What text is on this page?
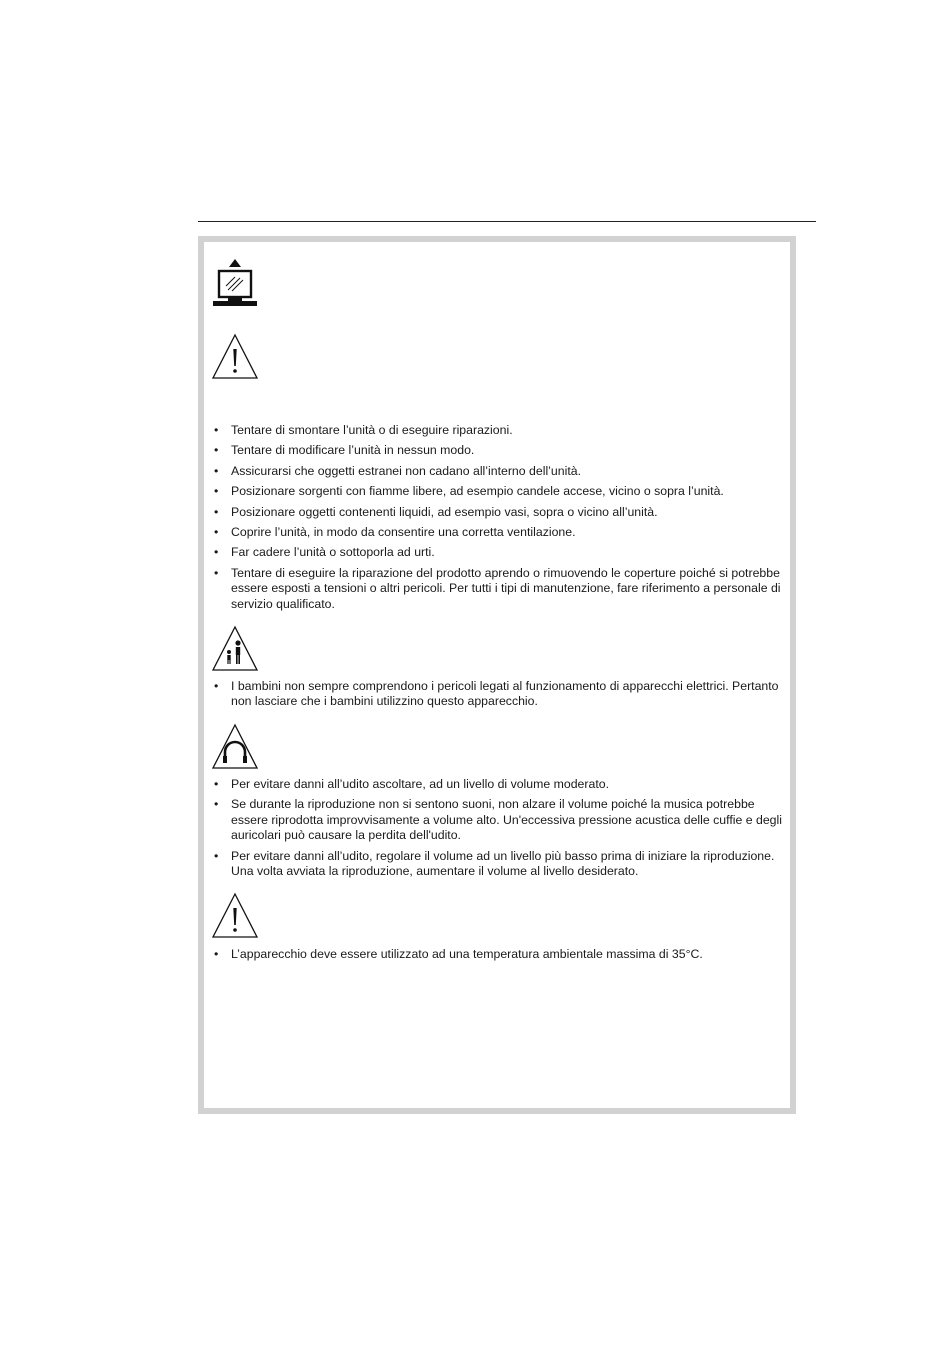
• Tentare di smontare l’unità o di eseguire riparazioni.
• Tentare di modificare l’unità in nessun modo.
• Assicurarsi che oggetti estranei non cadano all’interno dell’unità.
• Posizionare sorgenti con fiamme libere, ad esempio candele accese, vicino o sopra l’unità.
• Posizionare oggetti contenenti liquidi, ad esempio vasi, sopra o vicino all’unità.
• Coprire l’unità, in modo da consentire una corretta ventilazione.
• Far cadere l’unità o sottoporla ad urti.
• Tentare di eseguire la riparazione del prodotto aprendo o rimuovendo le coperture poiché si potrebbe essere esposti a tensioni o altri pericoli. Per tutti i tipi di manutenzione, fare riferimento a personale di servizio qualificato.
• I bambini non sempre comprendono i pericoli legati al funzionamento di apparecchi elettrici. Pertanto non lasciare che i bambini utilizzino questo apparecchio.
• Per evitare danni all’udito ascoltare, ad un livello di volume moderato.
• Se durante la riproduzione non si sentono suoni, non alzare il volume poiché la musica potrebbe essere riprodotta improvvisamente a volume alto. Un'eccessiva pressione acustica delle cuffie e degli auricolari può causare la perdita dell'udito.
• Per evitare danni all’udito, regolare il volume ad un livello più basso prima di iniziare la riproduzione. Una volta avviata la riproduzione, aumentare il volume al livello desiderato.
• L’apparecchio deve essere utilizzato ad una temperatura ambientale massima di 35°C.
